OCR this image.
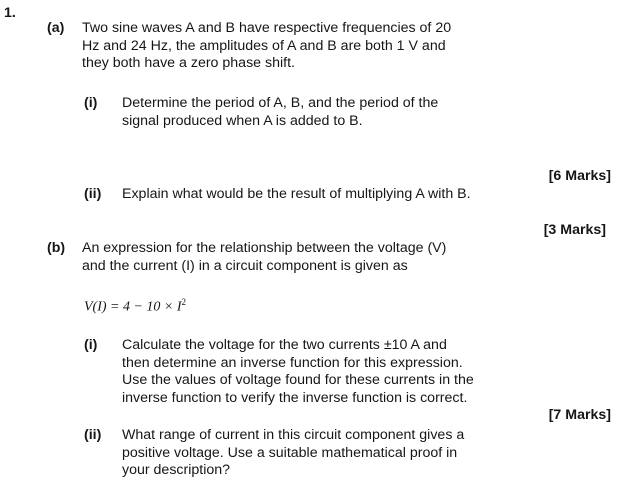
1.
(a) Two sine waves A and B have respective frequencies of 20
Hz and 24 Hz, the amplitudes of A and B are both 1 V and
they both have a zero phase shift.
(i) Determine the period of A, B, and the period of the
signal produced when A is added to B.
[6 Marks]
(ii) Explain what would be the result of multiplying A with B.
[3 Marks]
(b) An expression for the relationship between the voltage (V)
and the current (I) in a circuit component is given as
$V(I) = 4 - 10 \times I^2$
(i) Calculate the voltage for the two currents ±10 A and
then determine an inverse function for this expression.
Use the values of voltage found for these currents in the
inverse function to verify the inverse function is correct.
[7 Marks]
(ii) What range of current in this circuit component gives a
positive voltage. Use a suitable mathematical proof in
your description?
